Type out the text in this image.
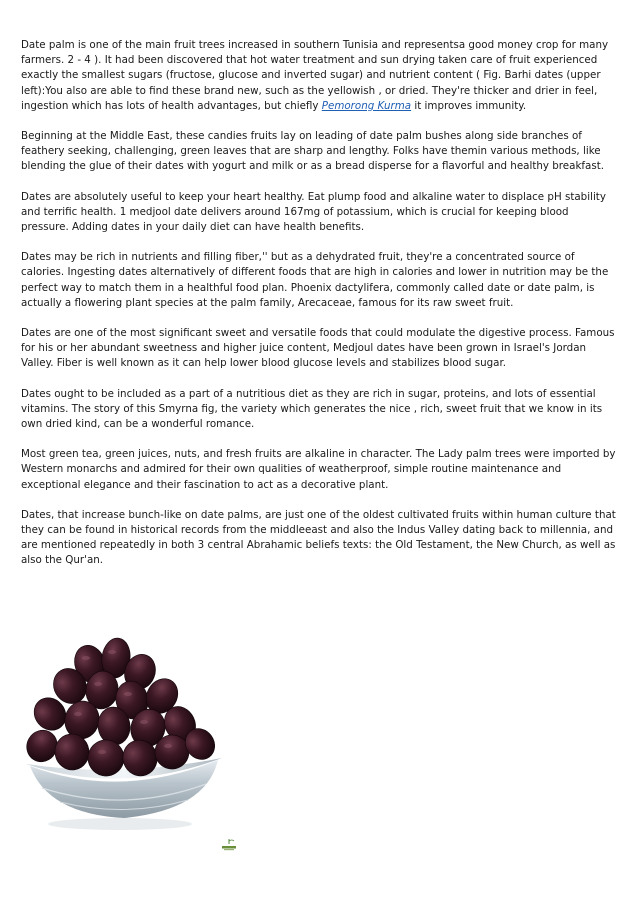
Date palm is one of the main fruit trees increased in southern Tunisia and representsa good money crop for many farmers. 2 - 4 ). It had been discovered that hot water treatment and sun drying taken care of fruit experienced exactly the smallest sugars (fructose, glucose and inverted sugar) and nutrient content ( Fig. Barhi dates (upper left):You also are able to find these brand new, such as the yellowish , or dried. They're thicker and drier in feel, ingestion which has lots of health advantages, but chiefly Pemorong Kurma it improves immunity.

Beginning at the Middle East, these candies fruits lay on leading of date palm bushes along side branches of feathery seeking, challenging, green leaves that are sharp and lengthy. Folks have themin various methods, like blending the glue of their dates with yogurt and milk or as a bread disperse for a flavorful and healthy breakfast.

Dates are absolutely useful to keep your heart healthy. Eat plump food and alkaline water to displace pH stability and terrific health. 1 medjool date delivers around 167mg of potassium, which is crucial for keeping blood pressure. Adding dates in your daily diet can have health benefits.

Dates may be rich in nutrients and filling fiber,'' but as a dehydrated fruit, they're a concentrated source of calories. Ingesting dates alternatively of different foods that are high in calories and lower in nutrition may be the perfect way to match them in a healthful food plan. Phoenix dactylifera, commonly called date or date palm, is actually a flowering plant species at the palm family, Arecaceae, famous for its raw sweet fruit.

Dates are one of the most significant sweet and versatile foods that could modulate the digestive process. Famous for his or her abundant sweetness and higher juice content, Medjoul dates have been grown in Israel's Jordan Valley. Fiber is well known as it can help lower blood glucose levels and stabilizes blood sugar.

Dates ought to be included as a part of a nutritious diet as they are rich in sugar, proteins, and lots of essential vitamins. The story of this Smyrna fig, the variety which generates the nice , rich, sweet fruit that we know in its own dried kind, can be a wonderful romance.

Most green tea, green juices, nuts, and fresh fruits are alkaline in character. The Lady palm trees were imported by Western monarchs and admired for their own qualities of weatherproof, simple routine maintenance and exceptional elegance and their fascination to act as a decorative plant.

Dates, that increase bunch-like on date palms, are just one of the oldest cultivated fruits within human culture that they can be found in historical records from the middleeast and also the Indus Valley dating back to millennia, and are mentioned repeatedly in both 3 central Abrahamic beliefs texts: the Old Testament, the New Church, as well as also the Qur'an.
